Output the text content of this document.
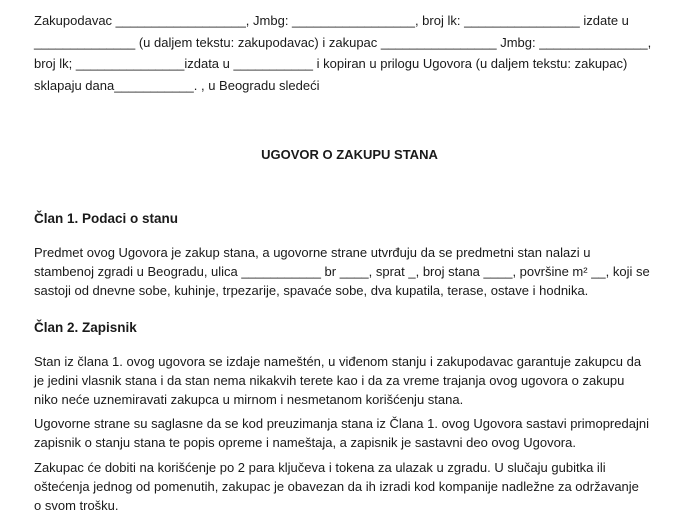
Zakupodavac __________________, Jmbg: _________________, broj lk: ________________ izdate u

______________ (u daljem tekstu: zakupodavac) i zakupac ________________ Jmbg: _______________,

broj lk; _______________izdata u ___________ i kopiran u prilogu Ugovora (u daljem tekstu: zakupac)

sklapaju dana___________. , u Beogradu sledeći

UGOVOR O ZAKUPU STANA
Član 1. Podaci o stanu
Predmet ovog Ugovora je zakup stana, a ugovorne strane utvrđuju da se predmetni stan nalazi u
stambenoj zgradi u Beogradu, ulica ___________ br ____, sprat _, broj stana ____, površine m² __, koji se
sastoji od dnevne sobe, kuhinje, trpezarije, spavaće sobe, dva kupatila, terase, ostave i hodnika.
Član 2. Zapisnik
Stan iz člana 1. ovog ugovora se izdaje nameštén, u viđenom stanju i zakupodavac garantuje zakupcu da
je jedini vlasnik stana i da stan nema nikakvih terete kao i da za vreme trajanja ovog ugovora o zakupu
niko neće uznemiravati zakupca u mirnom i nesmetanom korišćenju stana.
Ugovorne strane su saglasne da se kod preuzimanja stana iz Člana 1. ovog Ugovora sastavi primopredajni
zapisnik o stanju stana te popis opreme i nameštaja, a zapisnik je sastavni deo ovog Ugovora.
Zakupac će dobiti na korišćenje po 2 para ključeva i tokena za ulazak u zgradu. U slučaju gubitka ili
oštećenja jednog od pomenutih, zakupac je obavezan da ih izradi kod kompanije nadležne za održavanje
o svom trošku.
